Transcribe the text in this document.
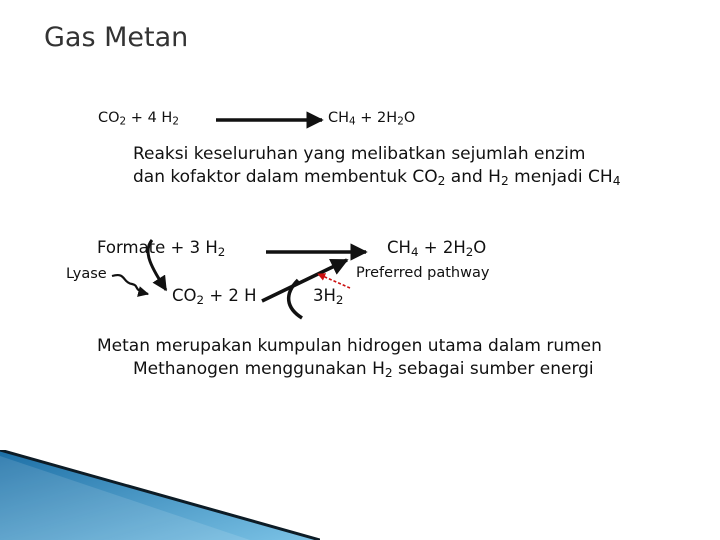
Gas Metan
$CO_2 + 4$ $H_2$	$CH_4 + 2H_2O$
Reaksi keseluruhan yang melibatkan sejumlah enzim
dan kofaktor dalam membentuk $CO_2$ and $H_2$ menjadi $CH_4$
Formate + 3 $H_2$	$CH_4 + 2H_2O$
Lyase	Preferred pathway
$CO_2 + 2$ H	$3H_2$
Metan merupakan kumpulan hidrogen utama dalam rumen
Methanogen menggunakan $H_2$ sebagai sumber energi
